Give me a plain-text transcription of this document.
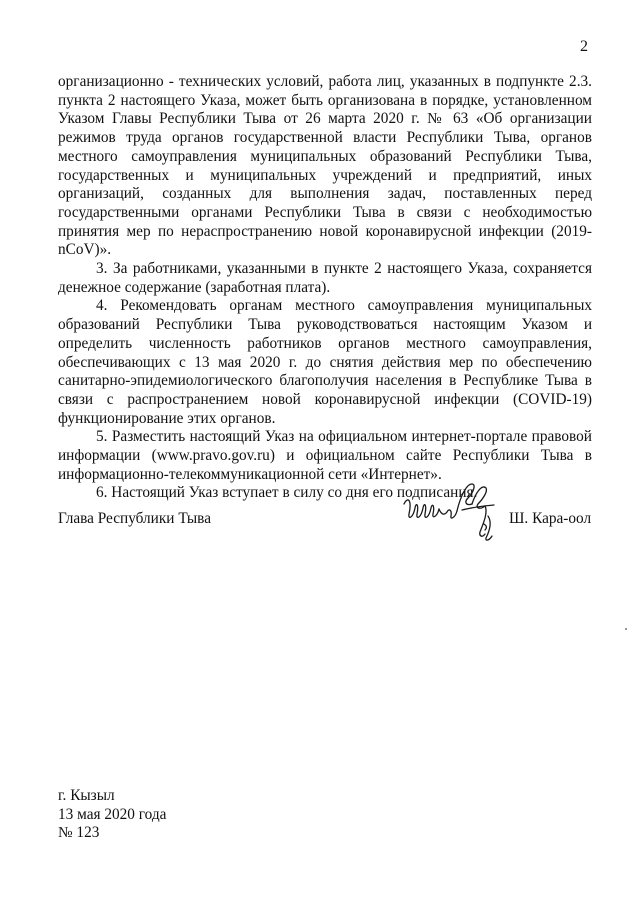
2

организационно - технических условий, работа лиц, указанных в подпункте 2.3. пункта 2 настоящего Указа, может быть организована в порядке, установленном Указом Главы Республики Тыва от 26 марта 2020 г. № 63 «Об организации режимов труда органов государственной власти Республики Тыва, органов местного самоуправления муниципальных образований Республики Тыва, государственных и муниципальных учреждений и предприятий, иных организаций, созданных для выполнения задач, поставленных перед государственными органами Республики Тыва в связи с необходимостью принятия мер по нераспространению новой коронавирусной инфекции (2019-nCoV)».

3. За работниками, указанными в пункте 2 настоящего Указа, сохраняется денежное содержание (заработная плата).

4. Рекомендовать органам местного самоуправления муниципальных образований Республики Тыва руководствоваться настоящим Указом и определить численность работников органов местного самоуправления, обеспечивающих с 13 мая 2020 г. до снятия действия мер по обеспечению санитарно-эпидемиологического благополучия населения в Республике Тыва в связи с распространением новой коронавирусной инфекции (COVID-19) функционирование этих органов.

5. Разместить настоящий Указ на официальном интернет-портале правовой информации (www.pravo.gov.ru) и официальном сайте Республики Тыва в информационно-телекоммуникационной сети «Интернет».

6. Настоящий Указ вступает в силу со дня его подписания.

Глава Республики Тыва	Ш. Кара-оол
г. Кызыл
13 мая 2020 года
№ 123
